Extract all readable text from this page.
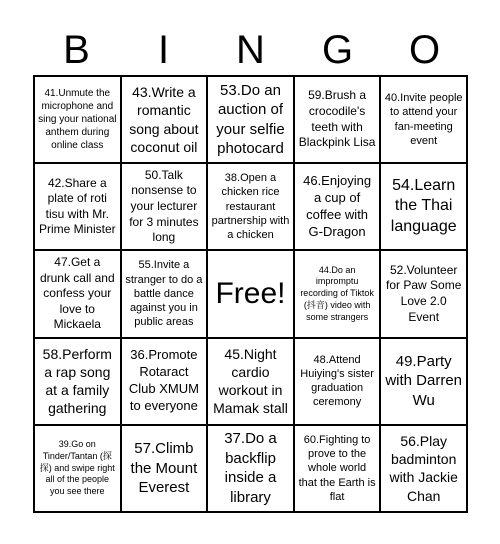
B	I	N	G	O
41.Unmute the microphone and sing your national anthem during online class
43.Write a romantic song about coconut oil
53.Do an auction of your selfie photocard
59.Brush a crocodile's teeth with Blackpink Lisa
40.Invite people to attend your fan-meeting event
42.Share a plate of roti tisu with Mr. Prime Minister
50.Talk nonsense to your lecturer for 3 minutes long
38.Open a chicken rice restaurant partnership with a chicken
46.Enjoying a cup of coffee with G-Dragon
54.Learn the Thai language
47.Get a drunk call and confess your love to Mickaela
55.Invite a stranger to do a battle dance against you in public areas
Free!
44.Do an impromptu recording of Tiktok (抖音) video with some strangers
52.Volunteer for Paw Some Love 2.0 Event
58.Perform a rap song at a family gathering
36.Promote Rotaract Club XMUM to everyone
45.Night cardio workout in Mamak stall
48.Attend Huiying's sister graduation ceremony
49.Party with Darren Wu
39.Go on Tinder/Tantan (探探) and swipe right all of the people you see there
57.Climb the Mount Everest
37.Do a backflip inside a library
60.Fighting to prove to the whole world that the Earth is flat
56.Play badminton with Jackie Chan
